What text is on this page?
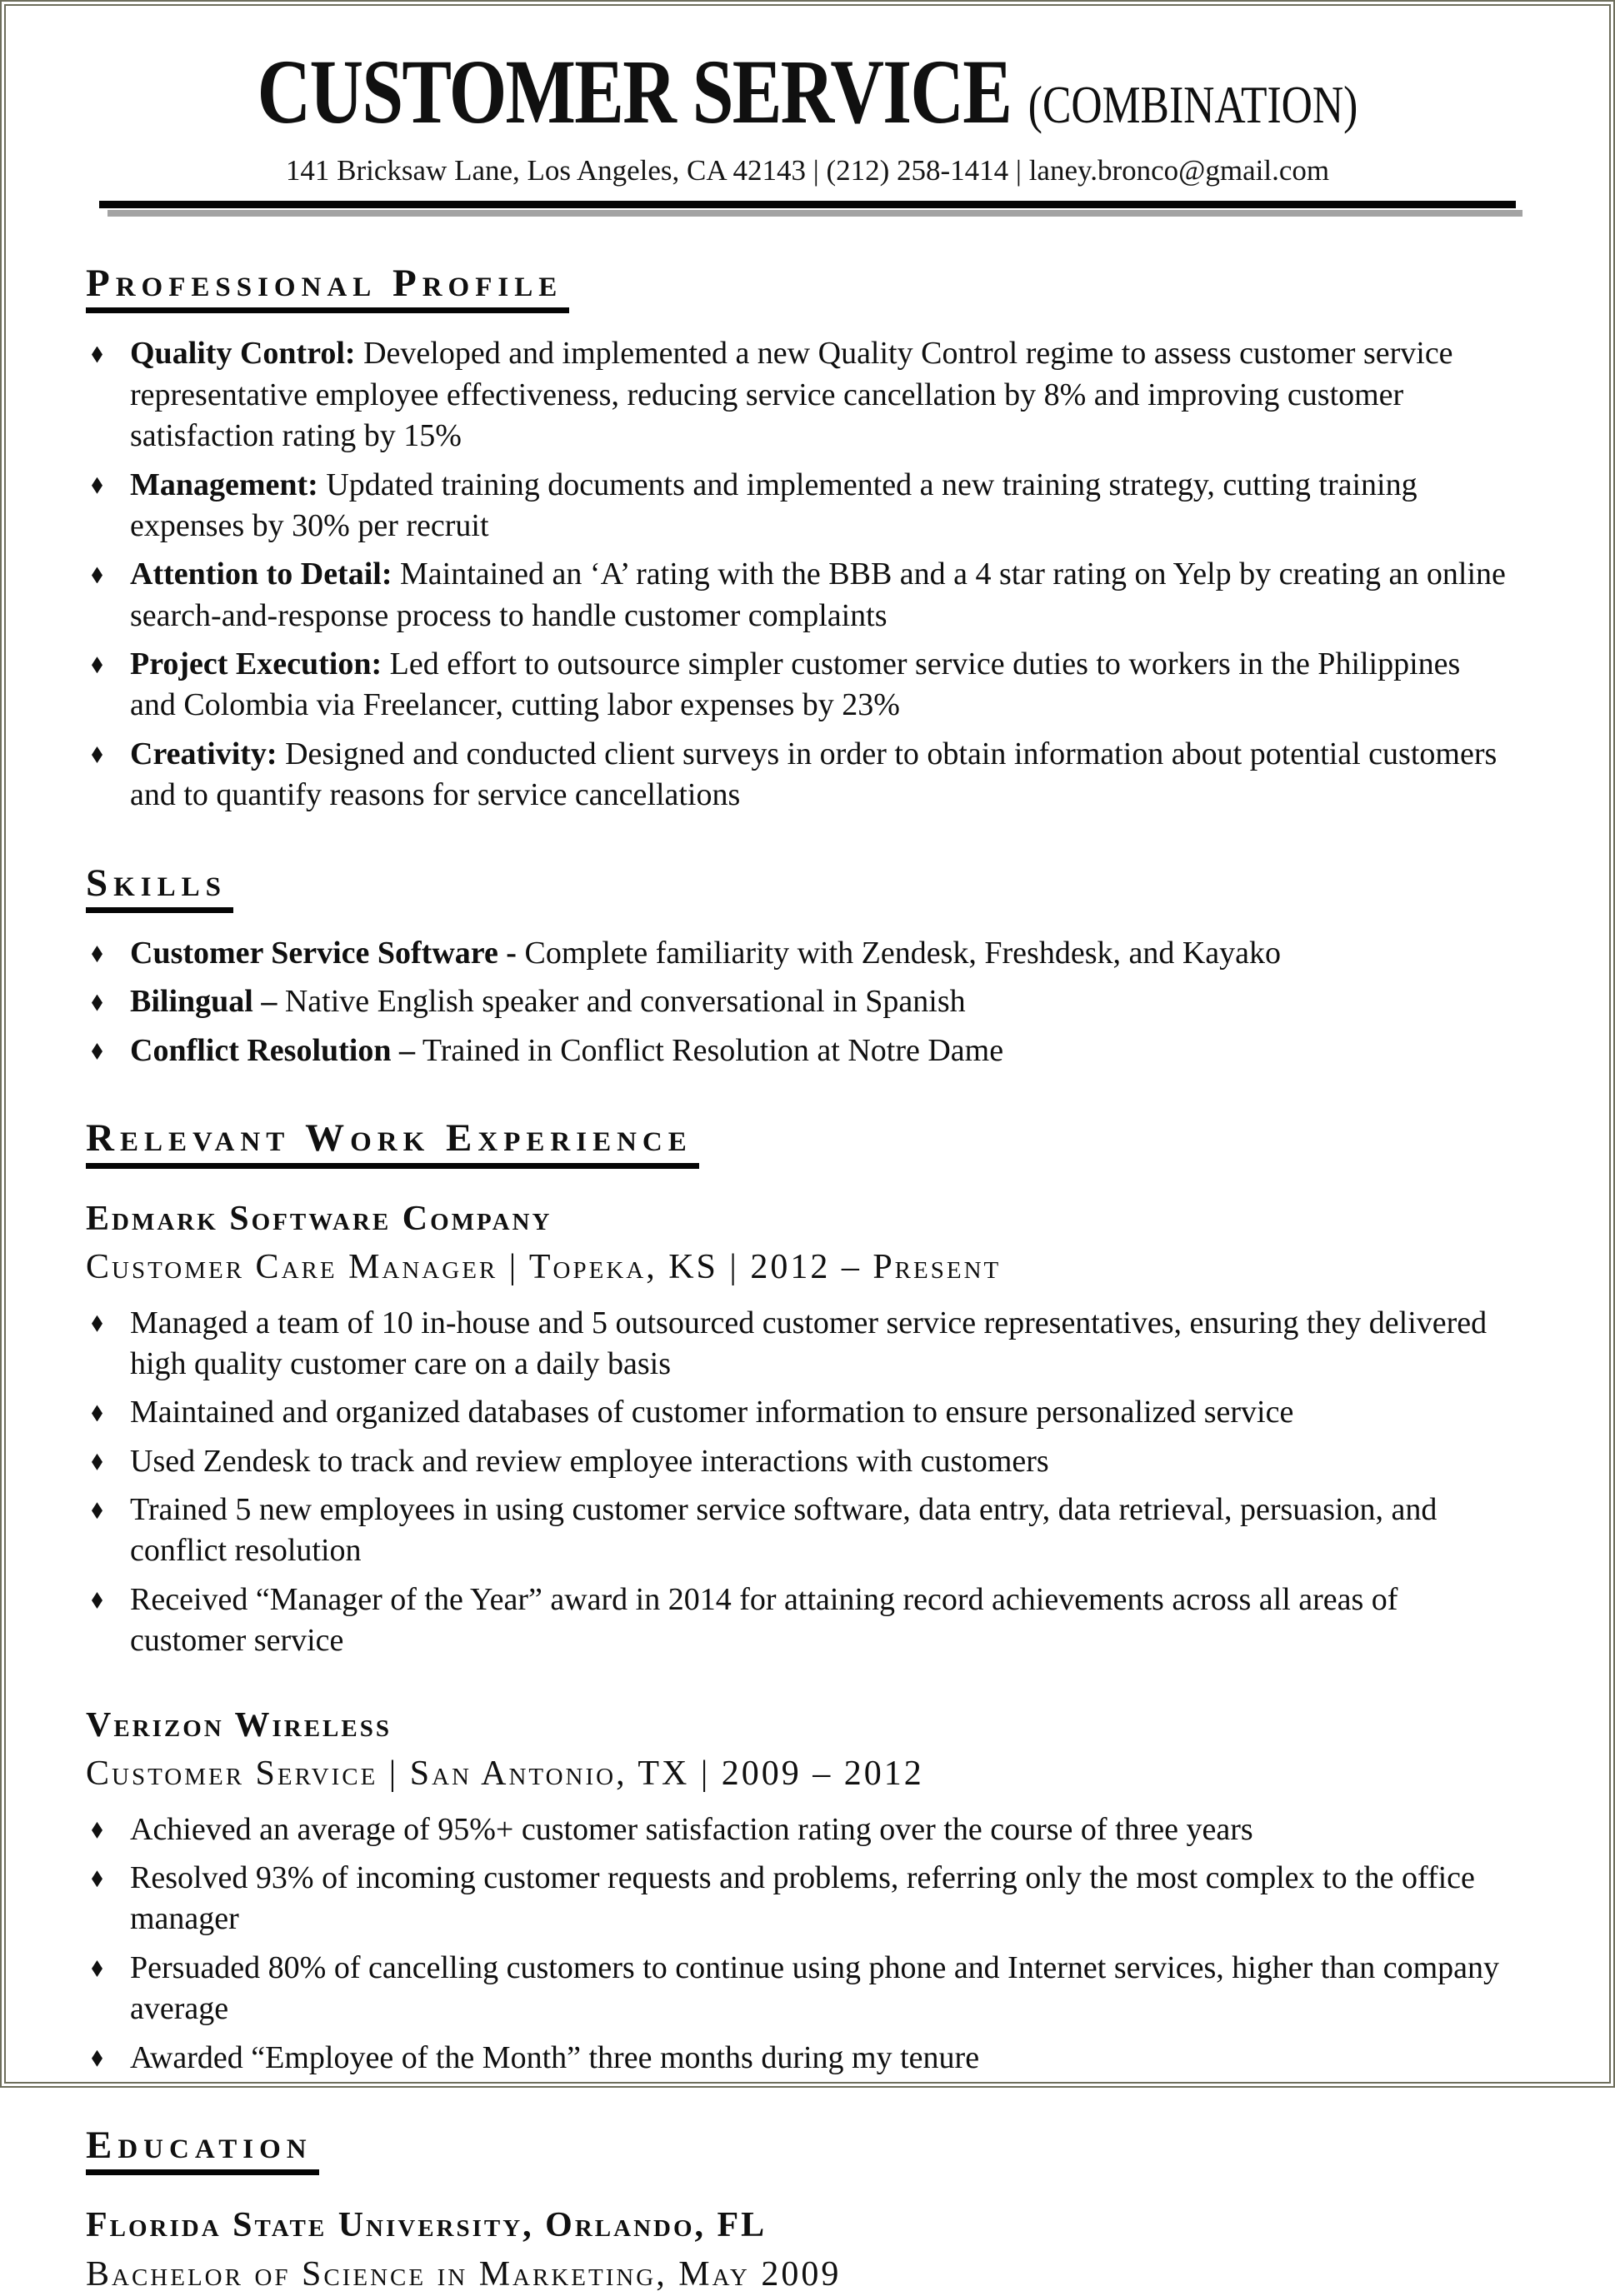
CUSTOMER SERVICE (COMBINATION)
141 Bricksaw Lane, Los Angeles, CA 42143 | (212) 258-1414 | laney.bronco@gmail.com
Professional Profile
Quality Control: Developed and implemented a new Quality Control regime to assess customer service representative employee effectiveness, reducing service cancellation by 8% and improving customer satisfaction rating by 15%
Management: Updated training documents and implemented a new training strategy, cutting training expenses by 30% per recruit
Attention to Detail: Maintained an ‘A’ rating with the BBB and a 4 star rating on Yelp by creating an online search-and-response process to handle customer complaints
Project Execution: Led effort to outsource simpler customer service duties to workers in the Philippines and Colombia via Freelancer, cutting labor expenses by 23%
Creativity: Designed and conducted client surveys in order to obtain information about potential customers and to quantify reasons for service cancellations
Skills
Customer Service Software - Complete familiarity with Zendesk, Freshdesk, and Kayako
Bilingual – Native English speaker and conversational in Spanish
Conflict Resolution – Trained in Conflict Resolution at Notre Dame
Relevant Work Experience
Edmark Software Company
Customer Care Manager | Topeka, KS | 2012 – Present
Managed a team of 10 in-house and 5 outsourced customer service representatives, ensuring they delivered high quality customer care on a daily basis
Maintained and organized databases of customer information to ensure personalized service
Used Zendesk to track and review employee interactions with customers
Trained 5 new employees in using customer service software, data entry, data retrieval, persuasion, and conflict resolution
Received “Manager of the Year” award in 2014 for attaining record achievements across all areas of customer service
Verizon Wireless
Customer Service | San Antonio, TX | 2009 – 2012
Achieved an average of 95%+ customer satisfaction rating over the course of three years
Resolved 93% of incoming customer requests and problems, referring only the most complex to the office manager
Persuaded 80% of cancelling customers to continue using phone and Internet services, higher than company average
Awarded “Employee of the Month” three months during my tenure
Education
Florida State University, Orlando, FL
Bachelor of Science in Marketing, May 2009
